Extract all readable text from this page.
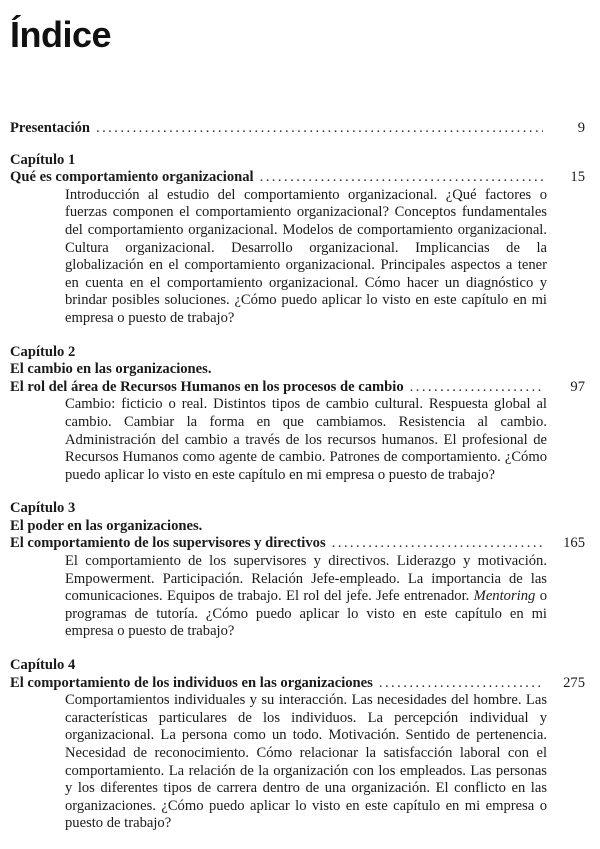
Índice
Presentación . . .	9
Capítulo 1
Qué es comportamiento organizacional . . .	15
Introducción al estudio del comportamiento organizacional. ¿Qué factores o fuerzas componen el comportamiento organizacional? Conceptos fundamentales del comportamiento organizacional. Modelos de comportamiento organizacional. Cultura organizacional. Desarrollo organizacional. Implicancias de la globalización en el comportamiento organizacional. Principales aspectos a tener en cuenta en el comportamiento organizacional. Cómo hacer un diagnóstico y brindar posibles soluciones. ¿Cómo puedo aplicar lo visto en este capítulo en mi empresa o puesto de trabajo?
Capítulo 2
El cambio en las organizaciones.
El rol del área de Recursos Humanos en los procesos de cambio . . .	97
Cambio: ficticio o real. Distintos tipos de cambio cultural. Respuesta global al cambio. Cambiar la forma en que cambiamos. Resistencia al cambio. Administración del cambio a través de los recursos humanos. El profesional de Recursos Humanos como agente de cambio. Patrones de comportamiento. ¿Cómo puedo aplicar lo visto en este capítulo en mi empresa o puesto de trabajo?
Capítulo 3
El poder en las organizaciones.
El comportamiento de los supervisores y directivos . . .	165
El comportamiento de los supervisores y directivos. Liderazgo y motivación. Empowerment. Participación. Relación Jefe-empleado. La importancia de las comunicaciones. Equipos de trabajo. El rol del jefe. Jefe entrenador. Mentoring o programas de tutoría. ¿Cómo puedo aplicar lo visto en este capítulo en mi empresa o puesto de trabajo?
Capítulo 4
El comportamiento de los individuos en las organizaciones . . .	275
Comportamientos individuales y su interacción. Las necesidades del hombre. Las características particulares de los individuos. La percepción individual y organizacional. La persona como un todo. Motivación. Sentido de pertenencia. Necesidad de reconocimiento. Cómo relacionar la satisfacción laboral con el comportamiento. La relación de la organización con los empleados. Las personas y los diferentes tipos de carrera dentro de una organización. El conflicto en las organizaciones. ¿Cómo puedo aplicar lo visto en este capítulo en mi empresa o puesto de trabajo?
